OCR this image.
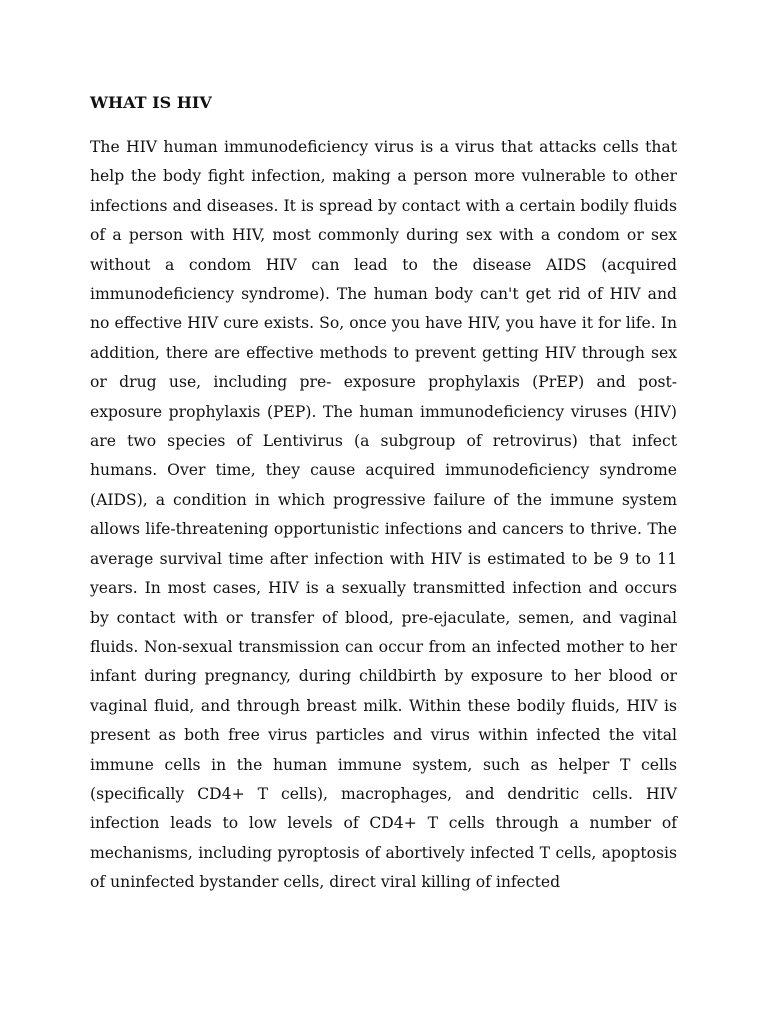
WHAT IS HIV

The HIV human immunodeficiency virus is a virus that attacks cells that help the body fight infection, making a person more vulnerable to other infections and diseases. It is spread by contact with a certain bodily fluids of a person with HIV, most commonly during sex with a condom or sex without a condom HIV can lead to the disease AIDS (acquired immunodeficiency syndrome). The human body can't get rid of HIV and no effective HIV cure exists. So, once you have HIV, you have it for life. In addition, there are effective methods to prevent getting HIV through sex or drug use, including pre- exposure prophylaxis (PrEP) and post-exposure prophylaxis (PEP). The human immunodeficiency viruses (HIV) are two species of Lentivirus (a subgroup of retrovirus) that infect humans. Over time, they cause acquired immunodeficiency syndrome (AIDS), a condition in which progressive failure of the immune system allows life-threatening opportunistic infections and cancers to thrive. The average survival time after infection with HIV is estimated to be 9 to 11 years. In most cases, HIV is a sexually transmitted infection and occurs by contact with or transfer of blood, pre-ejaculate, semen, and vaginal fluids. Non-sexual transmission can occur from an infected mother to her infant during pregnancy, during childbirth by exposure to her blood or vaginal fluid, and through breast milk. Within these bodily fluids, HIV is present as both free virus particles and virus within infected the vital immune cells in the human immune system, such as helper T cells (specifically CD4+ T cells), macrophages, and dendritic cells. HIV infection leads to low levels of CD4+ T cells through a number of mechanisms, including pyroptosis of abortively infected T cells, apoptosis of uninfected bystander cells, direct viral killing of infected
